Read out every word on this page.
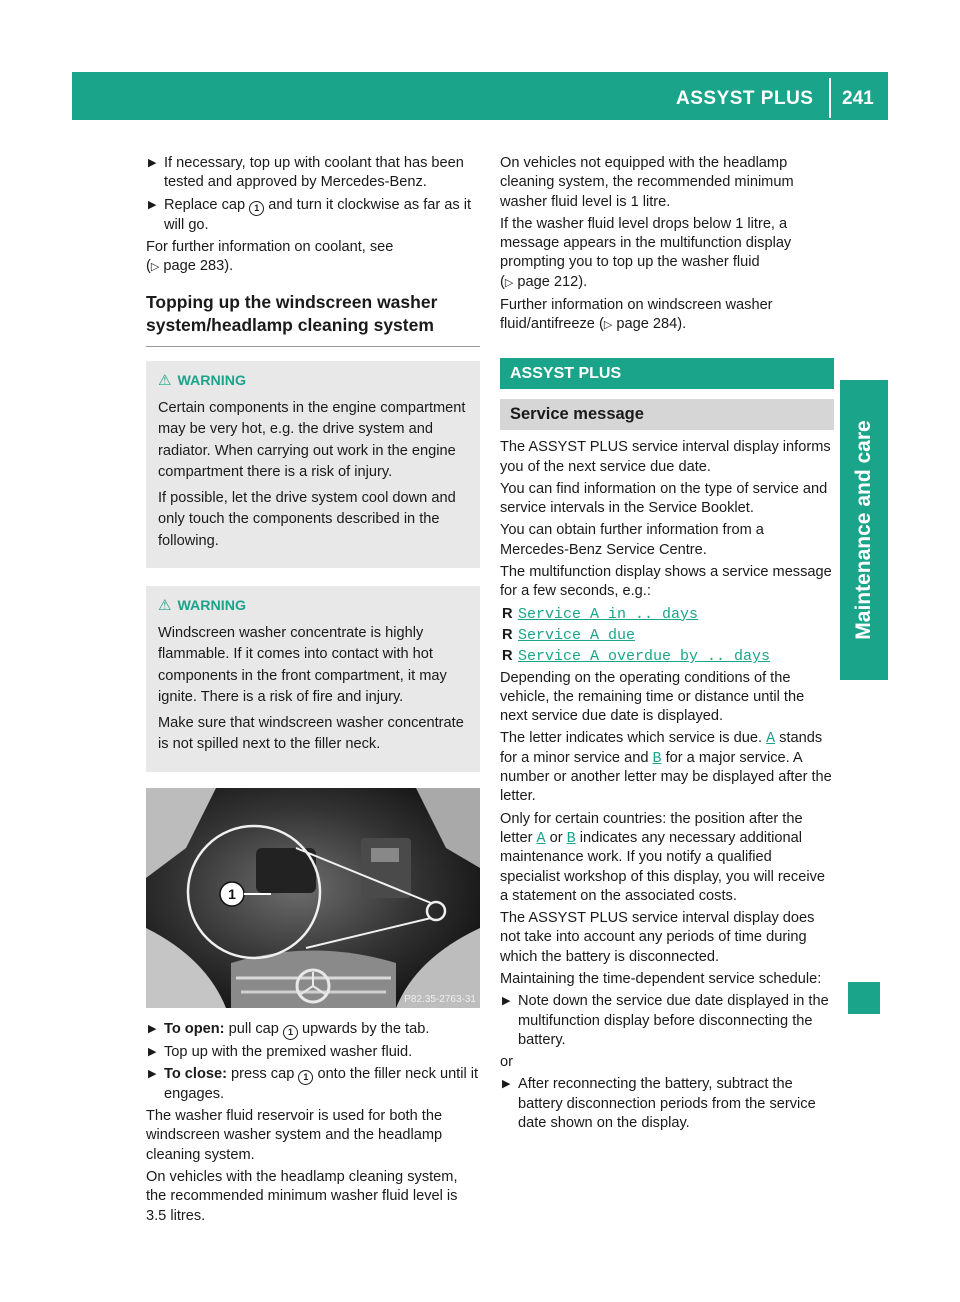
ASSYST PLUS 241
Maintenance and care
▶ If necessary, top up with coolant that has been tested and approved by Mercedes-Benz.
▶ Replace cap 1 and turn it clockwise as far as it will go.

For further information on coolant, see
(▷ page 283).

Topping up the windscreen washer system/headlamp cleaning system
⚠ WARNING

Certain components in the engine compartment may be very hot, e.g. the drive system and radiator. When carrying out work in the engine compartment there is a risk of injury.

If possible, let the drive system cool down and only touch the components described in the following.

⚠ WARNING

Windscreen washer concentrate is highly flammable. If it comes into contact with hot components in the front compartment, it may ignite. There is a risk of fire and injury.

Make sure that windscreen washer concentrate is not spilled next to the filler neck.

1
P82.35-2763-31
▶ To open: pull cap 1 upwards by the tab.
▶ Top up with the premixed washer fluid.
▶ To close: press cap 1 onto the filler neck until it engages.

The washer fluid reservoir is used for both the windscreen washer system and the headlamp cleaning system.

On vehicles with the headlamp cleaning system, the recommended minimum washer fluid level is 3.5 litres.

On vehicles not equipped with the headlamp cleaning system, the recommended minimum washer fluid level is 1 litre.

If the washer fluid level drops below 1 litre, a message appears in the multifunction display prompting you to top up the washer fluid
(▷ page 212).

Further information on windscreen washer fluid/antifreeze (▷ page 284).

ASSYST PLUS
Service message

The ASSYST PLUS service interval display informs you of the next service due date.

You can find information on the type of service and service intervals in the Service Booklet.

You can obtain further information from a Mercedes-Benz Service Centre.

The multifunction display shows a service message for a few seconds, e.g.:

R Service A in .. days
R Service A due
R Service A overdue by .. days

Depending on the operating conditions of the vehicle, the remaining time or distance until the next service due date is displayed.

The letter indicates which service is due. A stands for a minor service and B for a major service. A number or another letter may be displayed after the letter.

Only for certain countries: the position after the letter A or B indicates any necessary additional maintenance work. If you notify a qualified specialist workshop of this display, you will receive a statement on the associated costs.

The ASSYST PLUS service interval display does not take into account any periods of time during which the battery is disconnected.

Maintaining the time-dependent service schedule:

▶ Note down the service due date displayed in the multifunction display before disconnecting the battery.

or

▶ After reconnecting the battery, subtract the battery disconnection periods from the service date shown on the display.
